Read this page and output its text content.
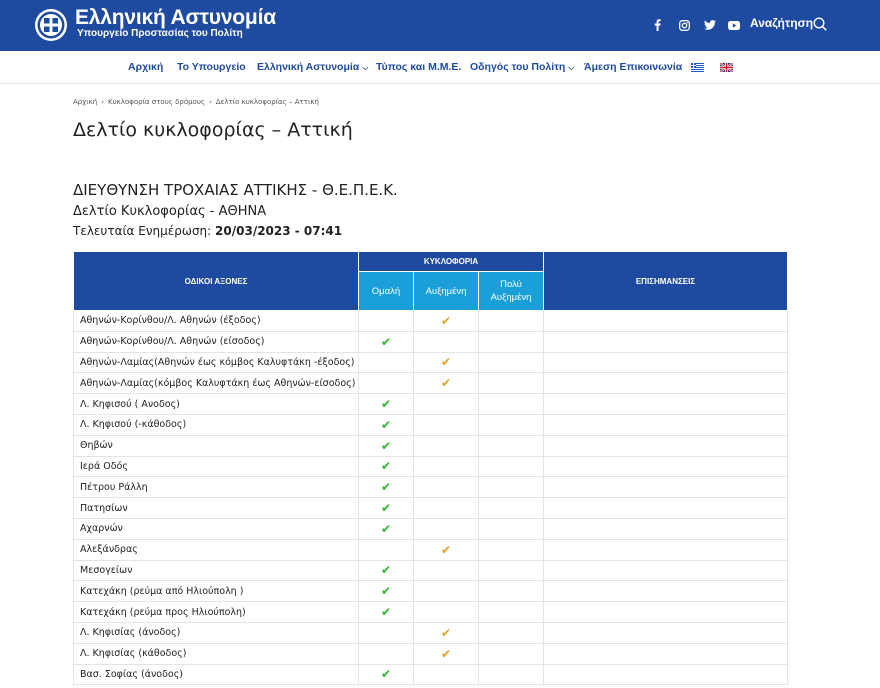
Ελληνική Αστυνομία
Υπουργείο Προστασίας του Πολίτη
Αναζήτηση
Αρχική Το Υπουργείο Ελληνική Αστυνομία ⌵ Τύπος και Μ.Μ.Ε. Οδηγός του Πολίτη ⌵ Άμεση Επικοινωνία
Αρχική › Κυκλοφορία στους δρόμους › Δελτίο κυκλοφορίας – Αττική
Δελτίο κυκλοφορίας – Αττική
ΔΙΕΥΘΥΝΣΗ ΤΡΟΧΑΙΑΣ ΑΤΤΙΚΗΣ - Θ.Ε.Π.Ε.Κ.
Δελτίο Κυκλοφορίας - ΑΘΗΝΑ
Τελευταία Ενημέρωση: 20/03/2023 - 07:41
ΟΔΙΚΟΙ ΑΞΟΝΕΣ	ΚΥΚΛΟΦΟΡΙΑ			ΕΠΙΣΗΜΑΝΣΕΙΣ
	Ομαλή	Αυξημένη	Πολύ Αυξημένη	
Αθηνών-Κορίνθου/Λ. Αθηνών (έξοδος)		✔		
Αθηνών-Κορίνθου/Λ. Αθηνών (είσοδος)	✔			
Αθηνών-Λαμίας(Αθηνών έως κόμβος Καλυφτάκη -έξοδος)		✔		
Αθηνών-Λαμίας(κόμβος Καλυφτάκη έως Αθηνών-είσοδος)		✔		
Λ. Κηφισού ( Ανοδος)	✔			
Λ. Κηφισού (-κάθοδος)	✔			
Θηβών	✔			
Ιερά Οδός	✔			
Πέτρου Ράλλη	✔			
Πατησίων	✔			
Αχαρνών	✔			
Αλεξάνδρας		✔		
Μεσογείων	✔			
Κατεχάκη (ρεύμα από Ηλιούπολη )	✔			
Κατεχάκη (ρεύμα προς Ηλιούπολη)	✔			
Λ. Κηφισίας (άνοδος)		✔		
Λ. Κηφισίας (κάθοδος)		✔		
Βασ. Σοφίας (άνοδος)	✔			
